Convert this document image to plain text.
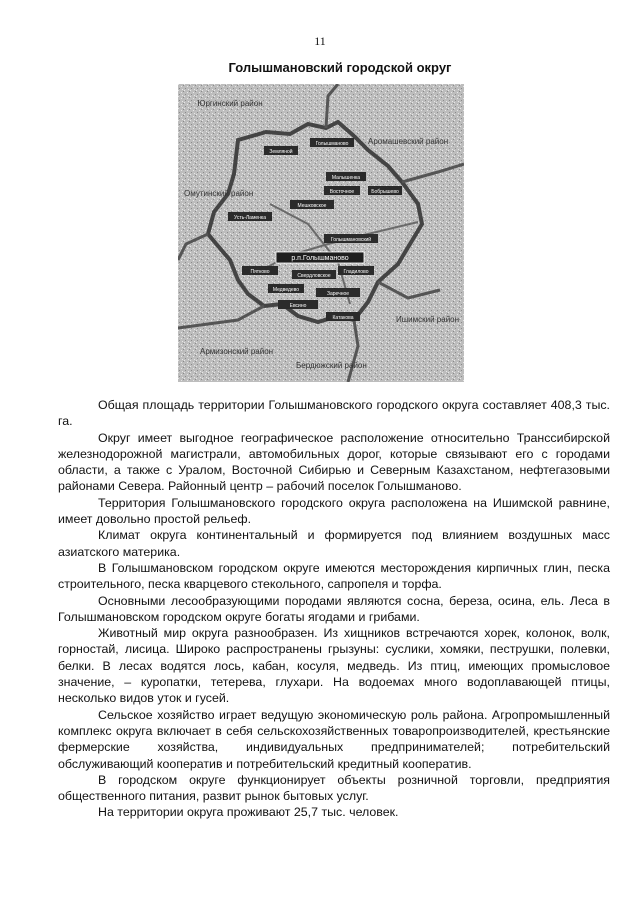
11
Голышмановский городской округ
Юргинский район
Армизонский район
Омутинский район
Бердюжский район
Ишимский район
Аромашевский район
Земляной
Голышманово
Малышенка
Восточное	Бобрышево
Мешковское
Усть-Ламенка
Голышмановский
р.п.Голышманово
Пятково
Свердловское
Гладилово
Медведево
Заречное
Евсино
Катакова

Общая площадь территории Голышмановского городского округа составляет 408,3 тыс. га.

Округ имеет выгодное географическое расположение относительно Транссибирской железнодорожной магистрали, автомобильных дорог, которые связывают его с городами области, а также с Уралом, Восточной Сибирью и Северным Казахстаном, нефтегазовыми районами Севера. Районный центр – рабочий поселок Голышманово.

Территория Голышмановского городского округа расположена на Ишимской равнине, имеет довольно простой рельеф.

Климат округа континентальный и формируется под влиянием воздушных масс азиатского материка.

В Голышмановском городском округе имеются месторождения кирпичных глин, песка строительного, песка кварцевого стекольного, сапропеля и торфа.

Основными лесообразующими породами являются сосна, береза, осина, ель. Леса в Голышмановском городском округе богаты ягодами и грибами.

Животный мир округа разнообразен. Из хищников встречаются хорек, колонок, волк, горностай, лисица. Широко распространены грызуны: суслики, хомяки, пеструшки, полевки, белки. В лесах водятся лось, кабан, косуля, медведь. Из птиц, имеющих промысловое значение, – куропатки, тетерева, глухари. На водоемах много водоплавающей птицы, несколько видов уток и гусей.

Сельское хозяйство играет ведущую экономическую роль района. Агропромышленный комплекс округа включает в себя сельскохозяйственных товаропроизводителей, крестьянские фермерские хозяйства, индивидуальных предпринимателей; потребительский обслуживающий кооператив и потребительский кредитный кооператив.

В городском округе функционирует объекты розничной торговли, предприятия общественного питания, развит рынок бытовых услуг.

На территории округа проживают 25,7 тыс. человек.
